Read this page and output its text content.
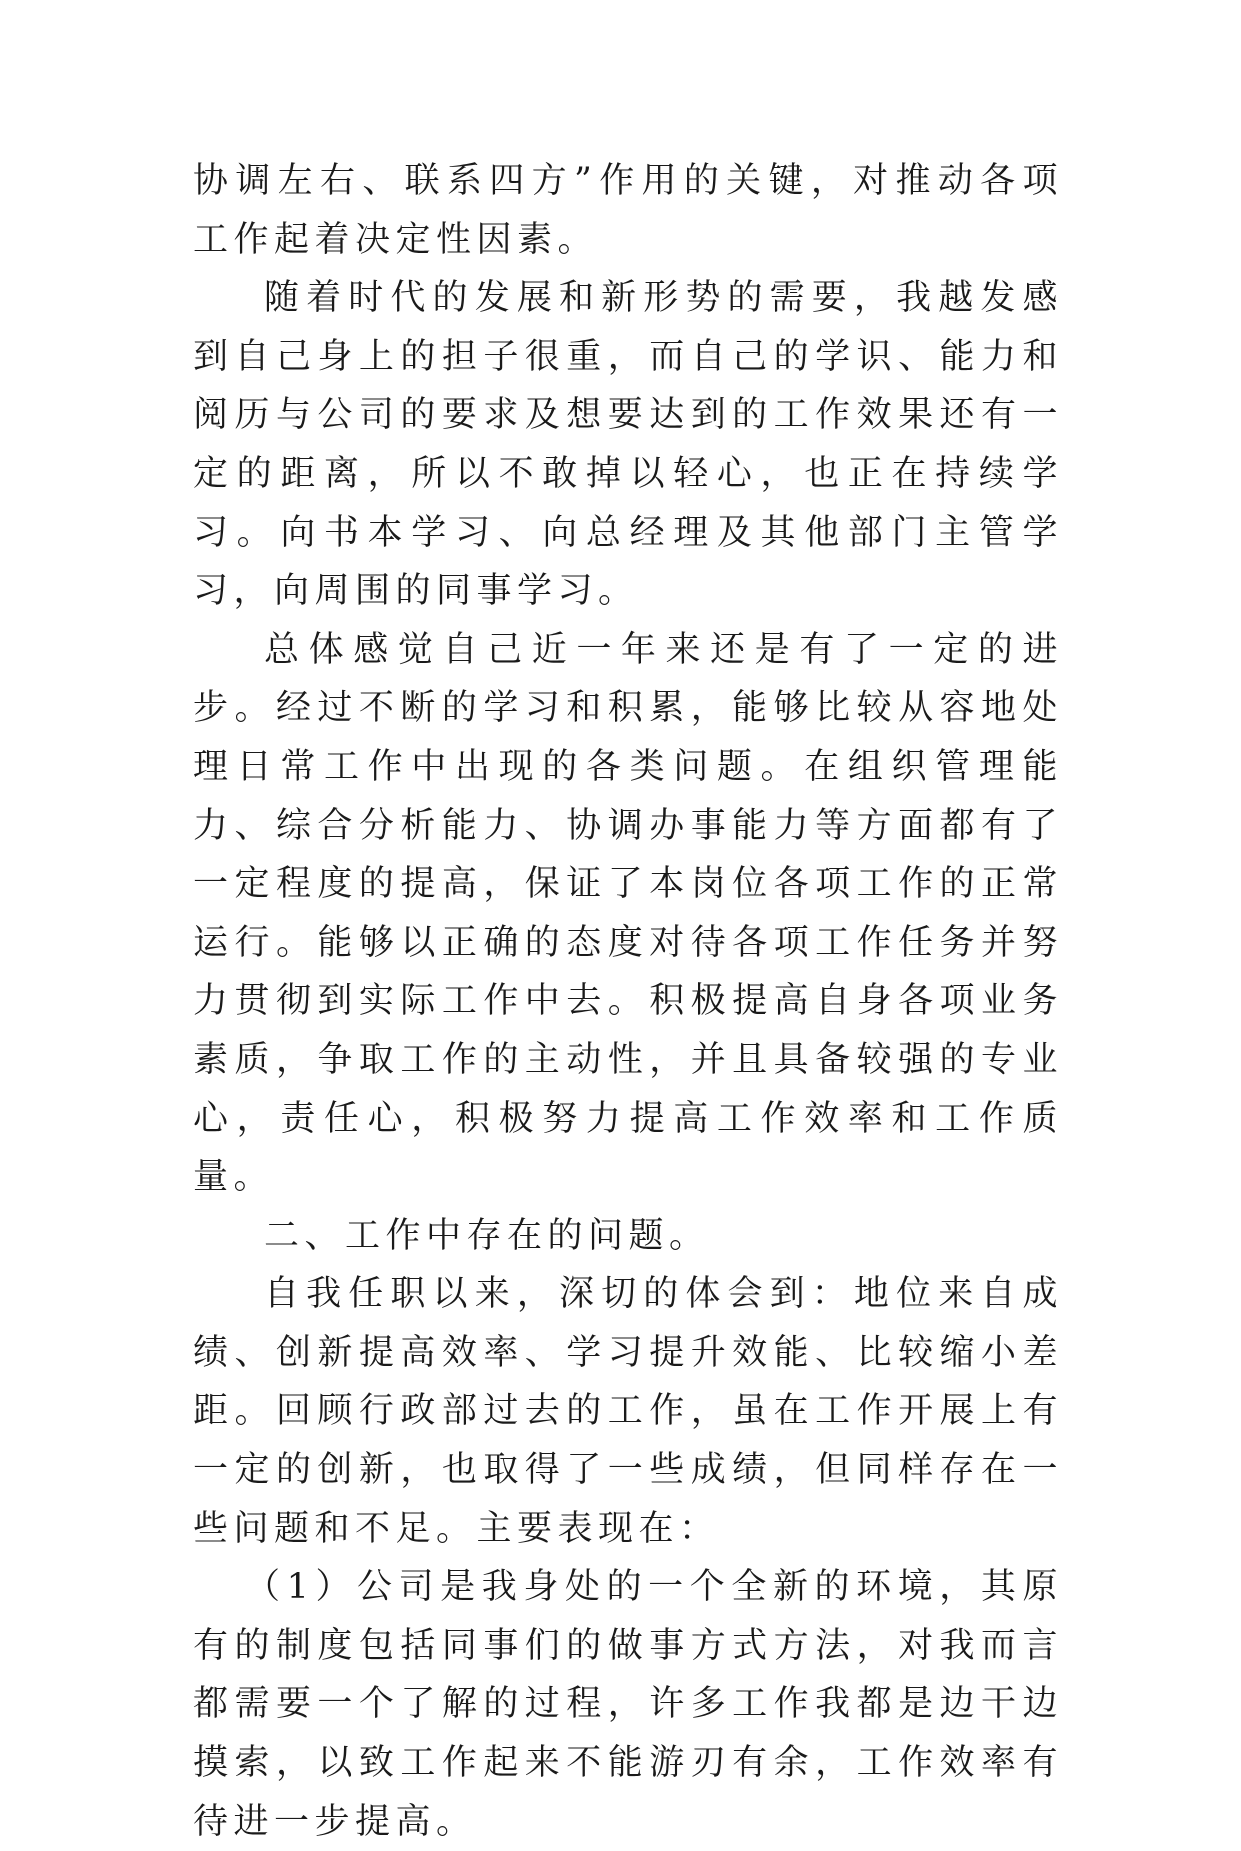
协调左右、联系四方”作用的关键，对推动各项工作起着决定性因素。

随着时代的发展和新形势的需要，我越发感到自己身上的担子很重，而自己的学识、能力和阅历与公司的要求及想要达到的工作效果还有一定的距离，所以不敢掉以轻心，也正在持续学习。向书本学习、向总经理及其他部门主管学习，向周围的同事学习。

总体感觉自己近一年来还是有了一定的进步。经过不断的学习和积累，能够比较从容地处理日常工作中出现的各类问题。在组织管理能力、综合分析能力、协调办事能力等方面都有了一定程度的提高，保证了本岗位各项工作的正常运行。能够以正确的态度对待各项工作任务并努力贯彻到实际工作中去。积极提高自身各项业务素质，争取工作的主动性，并且具备较强的专业心，责任心，积极努力提高工作效率和工作质量。

二、工作中存在的问题。

自我任职以来，深切的体会到：地位来自成绩、创新提高效率、学习提升效能、比较缩小差距。回顾行政部过去的工作，虽在工作开展上有一定的创新，也取得了一些成绩，但同样存在一些问题和不足。主要表现在：

（1）公司是我身处的一个全新的环境，其原有的制度包括同事们的做事方式方法，对我而言都需要一个了解的过程，许多工作我都是边干边摸索，以致工作起来不能游刃有余，工作效率有待进一步提高。
